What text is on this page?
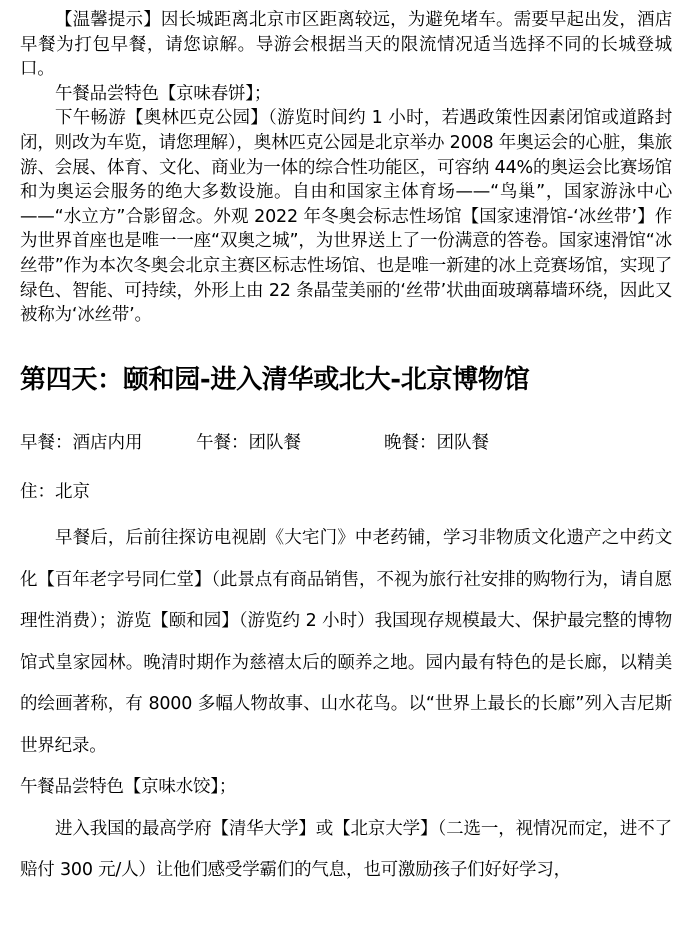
【温馨提示】因长城距离北京市区距离较远，为避免堵车。需要早起出发，酒店早餐为打包早餐，请您谅解。导游会根据当天的限流情况适当选择不同的长城登城口。

午餐品尝特色【京味春饼】；

下午畅游【奥林匹克公园】（游览时间约 1 小时，若遇政策性因素闭馆或道路封闭，则改为车览，请您理解），奥林匹克公园是北京举办 2008 年奥运会的心脏，集旅游、会展、体育、文化、商业为一体的综合性功能区，可容纳 44%的奥运会比赛场馆和为奥运会服务的绝大多数设施。自由和国家主体育场——“鸟巢”，国家游泳中心——“水立方”合影留念。外观 2022 年冬奥会标志性场馆【国家速滑馆-‘冰丝带’】作为世界首座也是唯一一座“双奥之城”，为世界送上了一份满意的答卷。国家速滑馆“冰丝带”作为本次冬奥会北京主赛区标志性场馆、也是唯一新建的冰上竞赛场馆，实现了绿色、智能、可持续，外形上由 22 条晶莹美丽的‘丝带’状曲面玻璃幕墙环绕，因此又被称为‘冰丝带’。

第四天：颐和园-进入清华或北大-北京博物馆
早餐：酒店内用	午餐：团队餐	晚餐：团队餐
住：北京

早餐后，后前往探访电视剧《大宅门》中老药铺，学习非物质文化遗产之中药文化【百年老字号同仁堂】（此景点有商品销售，不视为旅行社安排的购物行为，请自愿理性消费）；游览【颐和园】（游览约 2 小时）我国现存规模最大、保护最完整的博物馆式皇家园林。晚清时期作为慈禧太后的颐养之地。园内最有特色的是长廊，以精美的绘画著称，有 8000 多幅人物故事、山水花鸟。以“世界上最长的长廊”列入吉尼斯世界纪录。

午餐品尝特色【京味水饺】；

进入我国的最高学府【清华大学】或【北京大学】（二选一，视情况而定，进不了赔付 300 元/人）让他们感受学霸们的气息，也可激励孩子们好好学习，
